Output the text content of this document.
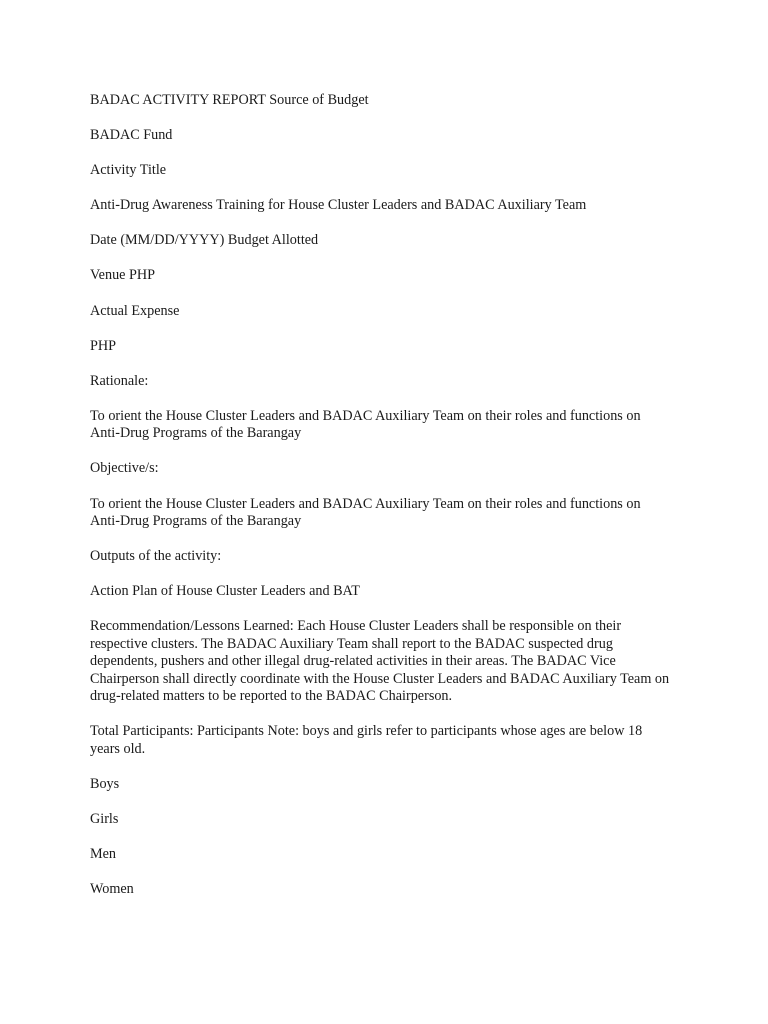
BADAC ACTIVITY REPORT Source of Budget

BADAC Fund

Activity Title

Anti-Drug Awareness Training for House Cluster Leaders and BADAC Auxiliary Team

Date (MM/DD/YYYY) Budget Allotted

Venue PHP

Actual Expense

PHP

Rationale:

To orient the House Cluster Leaders and BADAC Auxiliary Team on their roles and functions on Anti-Drug Programs of the Barangay

Objective/s:

To orient the House Cluster Leaders and BADAC Auxiliary Team on their roles and functions on Anti-Drug Programs of the Barangay

Outputs of the activity:

Action Plan of House Cluster Leaders and BAT

Recommendation/Lessons Learned: Each House Cluster Leaders shall be responsible on their respective clusters. The BADAC Auxiliary Team shall report to the BADAC suspected drug dependents, pushers and other illegal drug-related activities in their areas. The BADAC Vice Chairperson shall directly coordinate with the House Cluster Leaders and BADAC Auxiliary Team on drug-related matters to be reported to the BADAC Chairperson.

Total Participants: Participants Note: boys and girls refer to participants whose ages are below 18 years old.

Boys

Girls

Men

Women
